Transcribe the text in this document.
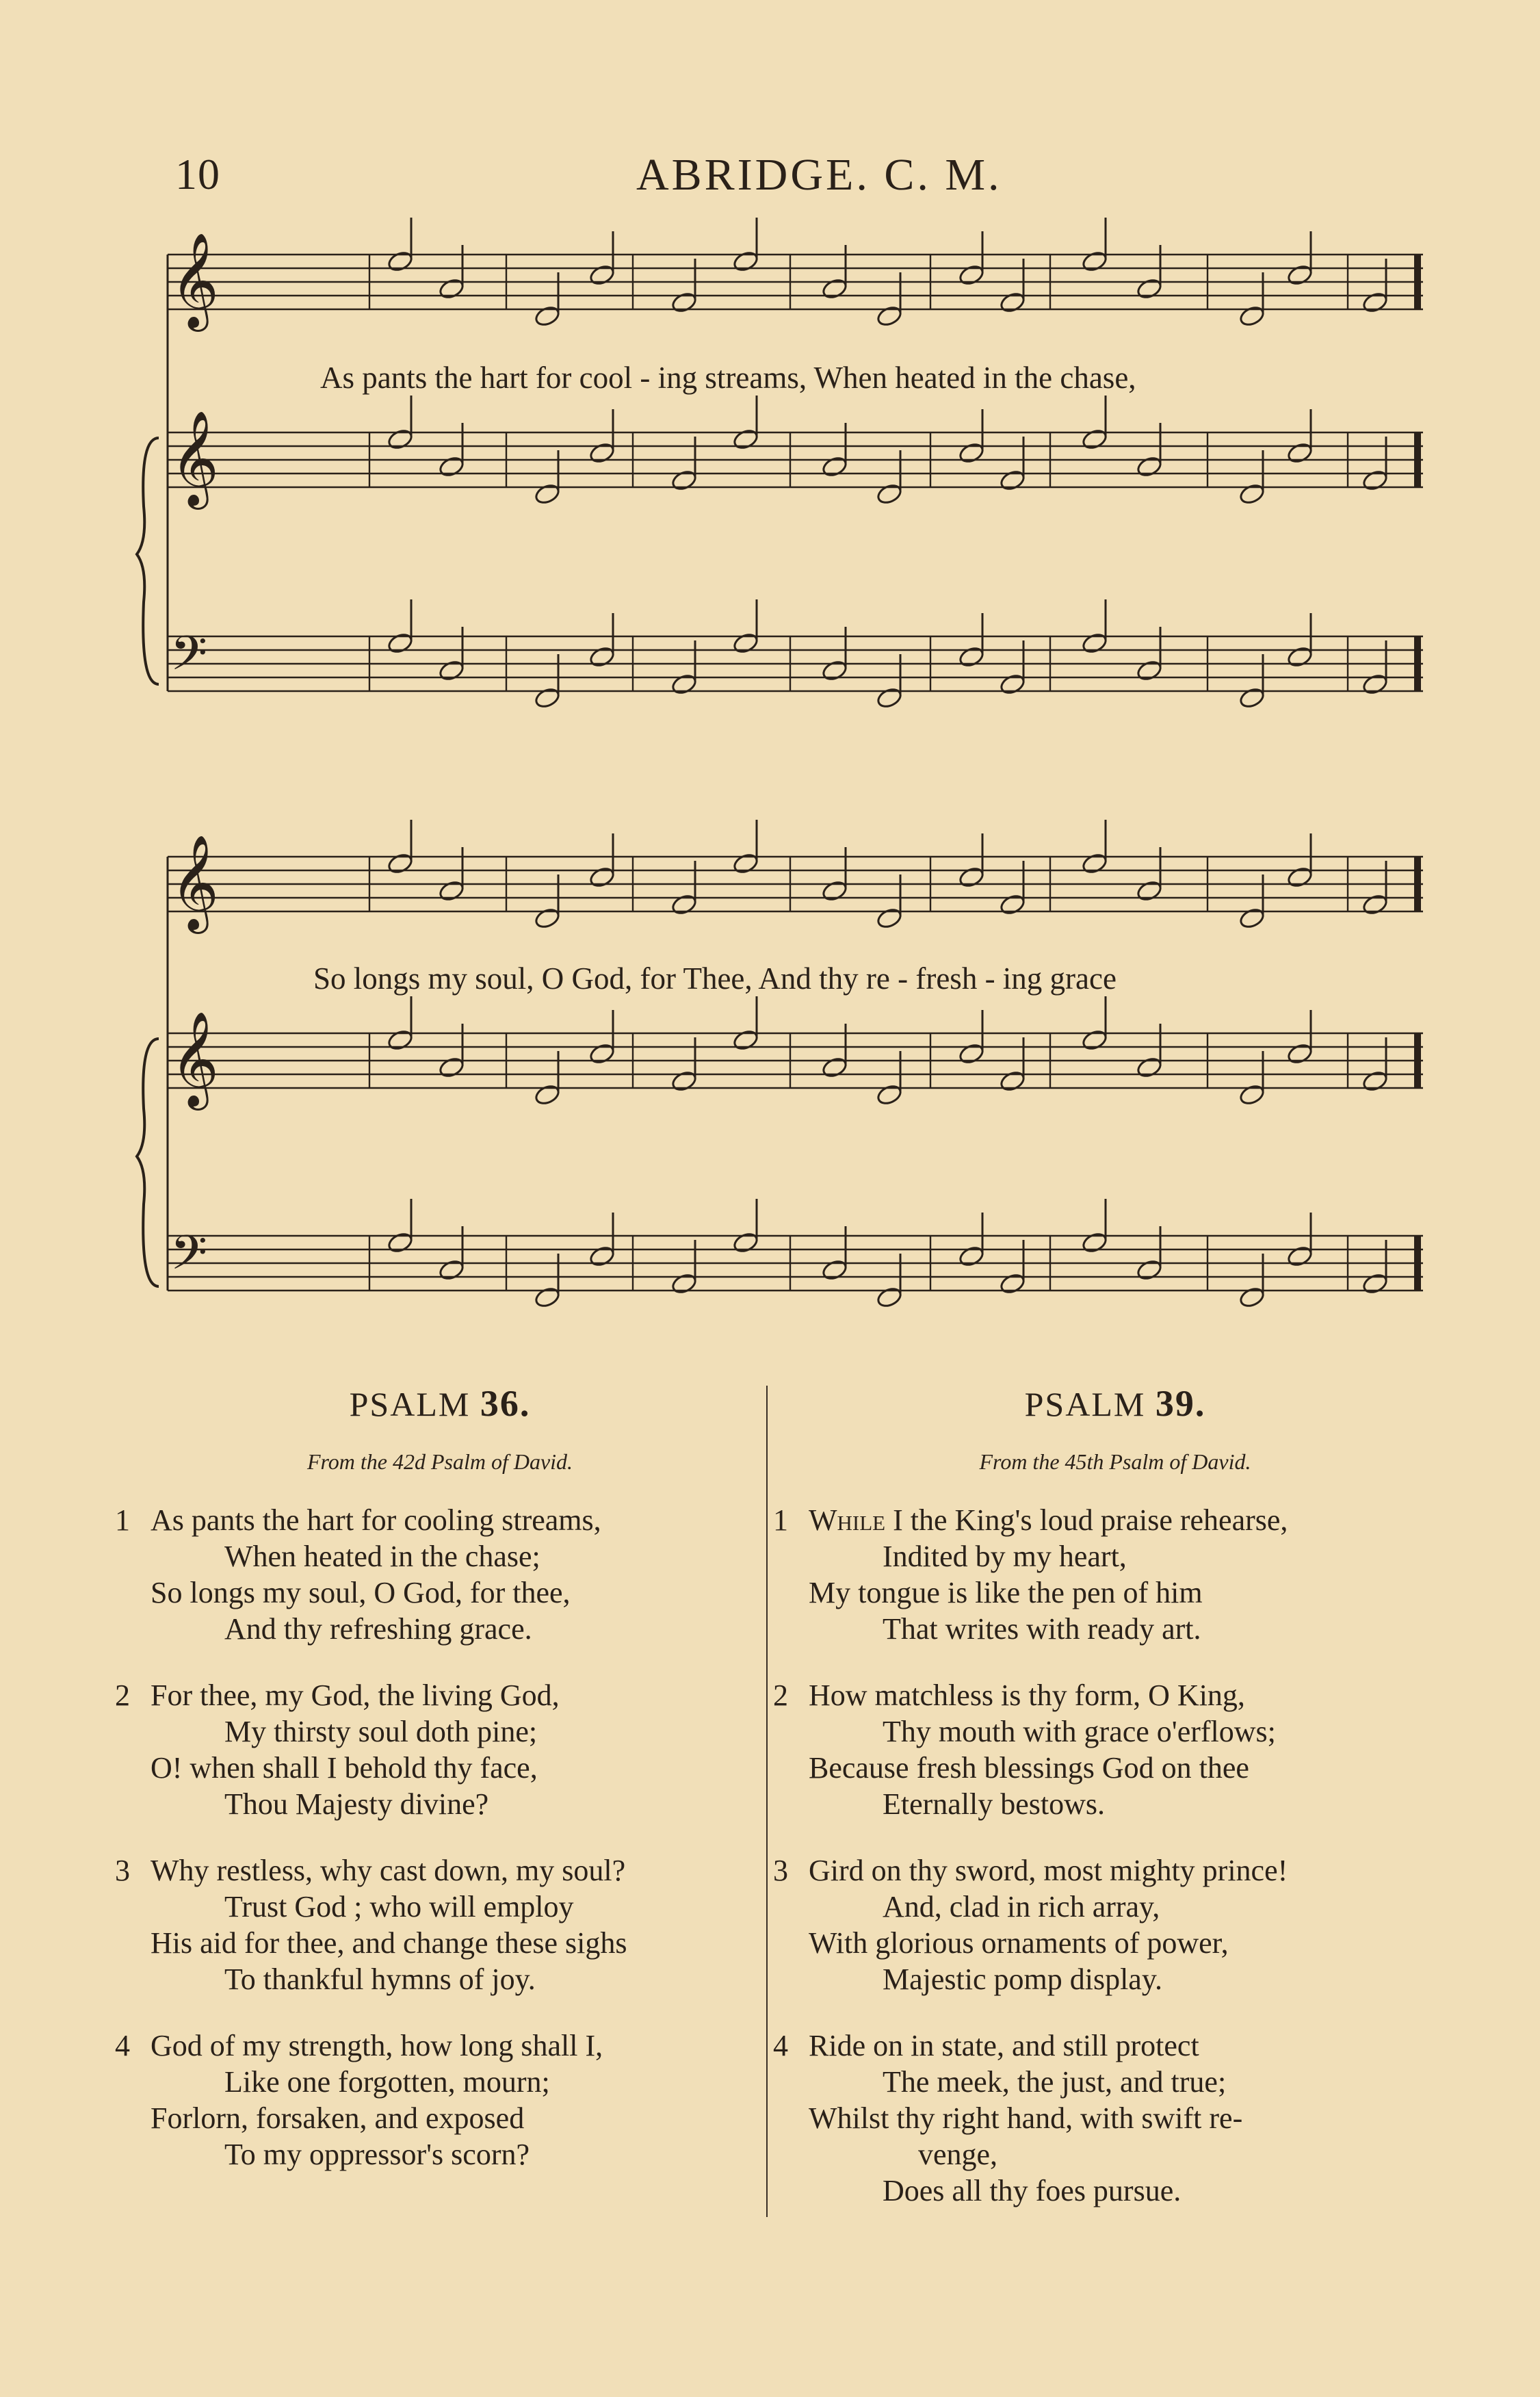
10	ABRIDGE. C. M.
𝄞
𝄞
𝄢
𝄞
𝄞
𝄢
As pants the hart for cool - ing streams, When heated in the chase,
So longs my soul, O God, for Thee, And thy re - fresh - ing grace

PSALM 36.

From the 42d Psalm of David.

1 As pants the hart for cooling streams,
When heated in the chase;
So longs my soul, O God, for thee,
And thy refreshing grace.
2 For thee, my God, the living God,
My thirsty soul doth pine;
O! when shall I behold thy face,
Thou Majesty divine?
3 Why restless, why cast down, my soul?
Trust God ; who will employ
His aid for thee, and change these sighs
To thankful hymns of joy.
4 God of my strength, how long shall I,
Like one forgotten, mourn;
Forlorn, forsaken, and exposed
To my oppressor's scorn?

PSALM 39.

From the 45th Psalm of David.

1 While I the King's loud praise rehearse,
Indited by my heart,
My tongue is like the pen of him
That writes with ready art.
2 How matchless is thy form, O King,
Thy mouth with grace o'erflows;
Because fresh blessings God on thee
Eternally bestows.
3 Gird on thy sword, most mighty prince!
And, clad in rich array,
With glorious ornaments of power,
Majestic pomp display.
4 Ride on in state, and still protect
The meek, the just, and true;
Whilst thy right hand, with swift re-
venge,
Does all thy foes pursue.
